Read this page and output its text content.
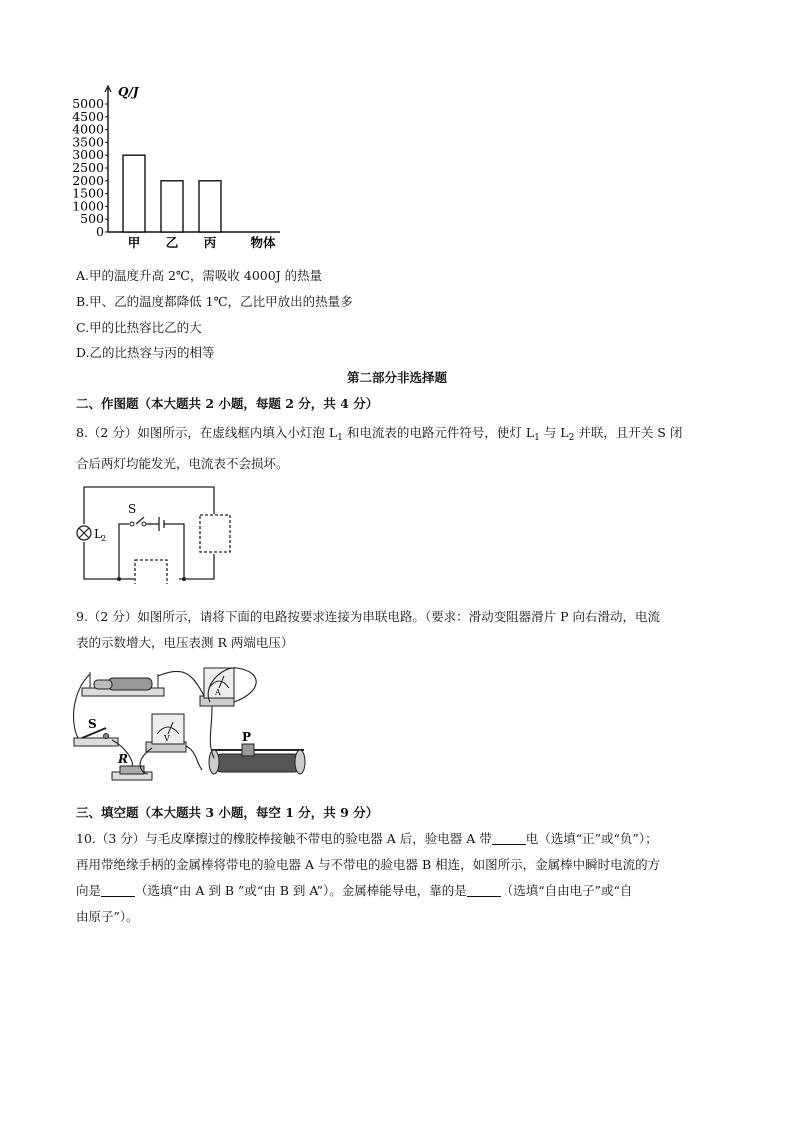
Q/J
0
500
1000
1500
2000
2500
3000
3500
4000
4500
5000
甲 乙 丙	物体
A.甲的温度升高 2℃，需吸收 4000J 的热量
B.甲、乙的温度都降低 1℃，乙比甲放出的热量多
C.甲的比热容比乙的大
D.乙的比热容与丙的相等
第二部分非选择题
二、作图题（本大题共 2 小题，每题 2 分，共 4 分）
8.（2 分）如图所示，在虚线框内填入小灯泡 $L_1$ 和电流表的电路元件符号，使灯 $L_1$ 与 $L_2$ 并联，且开关 S 闭
合后两灯均能发光，电流表不会损坏。
S
L 2
9.（2 分）如图所示，请将下面的电路按要求连接为串联电路。（要求：滑动变阻器滑片 P 向右滑动，电流
表的示数增大，电压表测 R 两端电压）
A
V
S
R
P
三、填空题（本大题共 3 小题，每空 1 分，共 9 分）
10.（3 分）与毛皮摩擦过的橡胶棒接触不带电的验电器 A 后，验电器 A 带	电（选填“正”或“负”）；
再用带绝缘手柄的金属棒将带电的验电器 A 与不带电的验电器 B 相连，如图所示，金属棒中瞬时电流的方
向是	（选填“由 A 到 B ”或“由 B 到 A”）。金属棒能导电，靠的是	（选填“自由电子”或“自
由原子”）。
